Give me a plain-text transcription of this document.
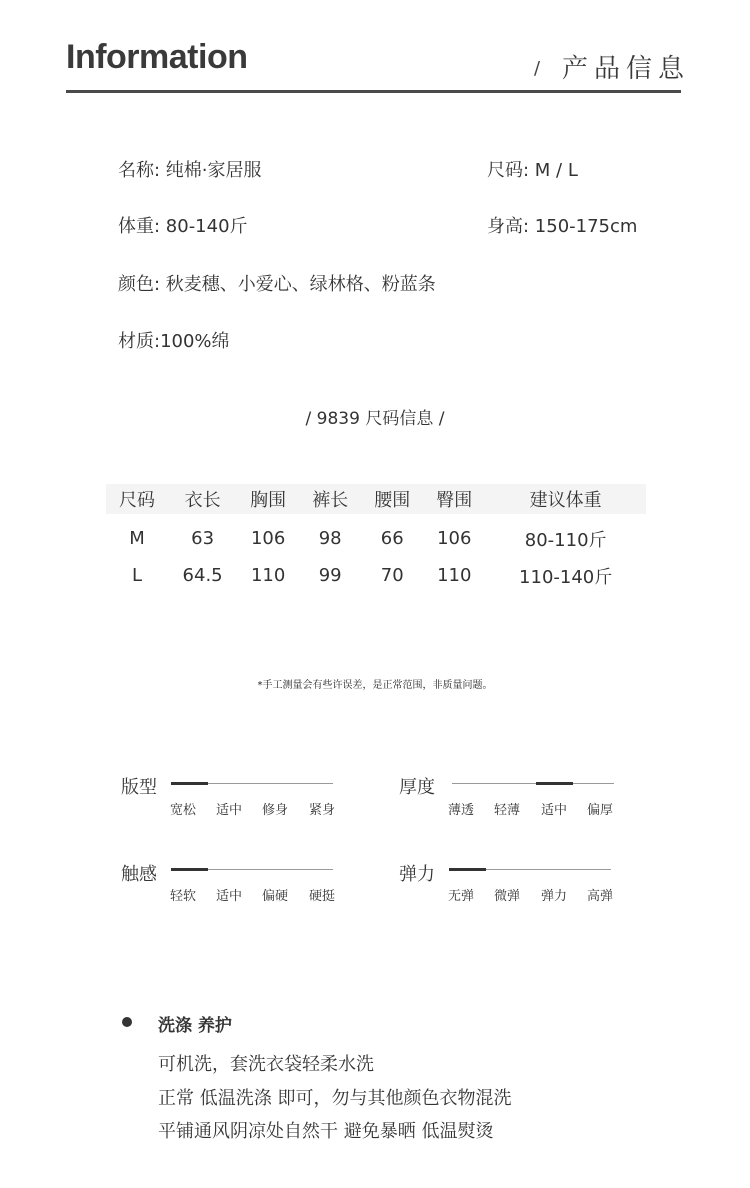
Information	/ 产品信息
名称: 纯棉·家居服	尺码: M / L
体重: 80-140斤	身高: 150-175cm
颜色: 秋麦穗、小爱心、绿林格、粉蓝条
材质:100%绵
/ 9839 尺码信息 /
尺码	衣长	胸围	裤长	腰围	臀围	建议体重
M	63	106	98	66	106	80-110斤
L	64.5	110	99	70	110	110-140斤
*手工测量会有些许误差，是正常范围，非质量问题。
版型
宽松 适中 修身 紧身
厚度
薄透 轻薄 适中 偏厚
触感
轻软 适中 偏硬 硬挺
弹力
无弹 微弹 弹力 高弹
洗涤 养护
可机洗，套洗衣袋轻柔水洗
正常 低温洗涤 即可，勿与其他颜色衣物混洗
平铺通风阴凉处自然干 避免暴晒 低温熨烫
